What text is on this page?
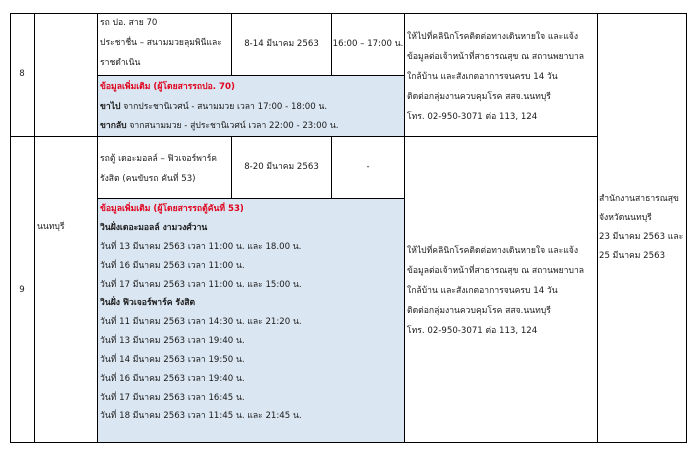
8
รถ ปอ. สาย 70
ประชาชื่น – สนามมวยลุมพินีและ
ราชดำเนิน
8-14 มีนาคม 2563	16:00 – 17:00 น.
ข้อมูลเพิ่มเติม (ผู้โดยสารรถปอ. 70)
ขาไป จากประชานิเวศน์ - สนามมวย เวลา 17:00 - 18:00 น.
ขากลับ จากสนามมวย - สู่ประชานิเวศน์ เวลา 22:00 - 23:00 น.
ให้ไปที่คลินิกโรคติดต่อทางเดินหายใจ และแจ้ง
ข้อมูลต่อเจ้าหน้าที่สาธารณสุข ณ สถานพยาบาล
ใกล้บ้าน และสังเกตอาการจนครบ 14 วัน
ติดต่อกลุ่มงานควบคุมโรค สสจ.นนทบุรี
โทร. 02-950-3071 ต่อ 113, 124
นนทบุรี
9
รถตู้ เดอะมอลล์ – ฟิวเจอร์พาร์ค
รังสิต (คนขับรถ คันที่ 53)
8-20 มีนาคม 2563	-
ข้อมูลเพิ่มเติม (ผู้โดยสารรถตู้คันที่ 53)
วินฝั่งเดอะมอลล์ งามวงศ์วาน
วันที่ 13 มีนาคม 2563 เวลา 11:00 น. และ 18.00 น.
วันที่ 16 มีนาคม 2563 เวลา 11:00 น.
วันที่ 17 มีนาคม 2563 เวลา 11:00 น. และ 15:00 น.
วินฝั่ง ฟิวเจอร์พาร์ค รังสิต
วันที่ 11 มีนาคม 2563 เวลา 14:30 น. และ 21:20 น.
วันที่ 13 มีนาคม 2563 เวลา 19:40 น.
วันที่ 14 มีนาคม 2563 เวลา 19:50 น.
วันที่ 16 มีนาคม 2563 เวลา 19:40 น.
วันที่ 17 มีนาคม 2563 เวลา 16:45 น.
วันที่ 18 มีนาคม 2563 เวลา 11:45 น. และ 21:45 น.
ให้ไปที่คลินิกโรคติดต่อทางเดินหายใจ และแจ้ง
ข้อมูลต่อเจ้าหน้าที่สาธารณสุข ณ สถานพยาบาล
ใกล้บ้าน และสังเกตอาการจนครบ 14 วัน
ติดต่อกลุ่มงานควบคุมโรค สสจ.นนทบุรี
โทร. 02-950-3071 ต่อ 113, 124
สำนักงานสาธารณสุข
จังหวัดนนทบุรี
23 มีนาคม 2563 และ
25 มีนาคม 2563
